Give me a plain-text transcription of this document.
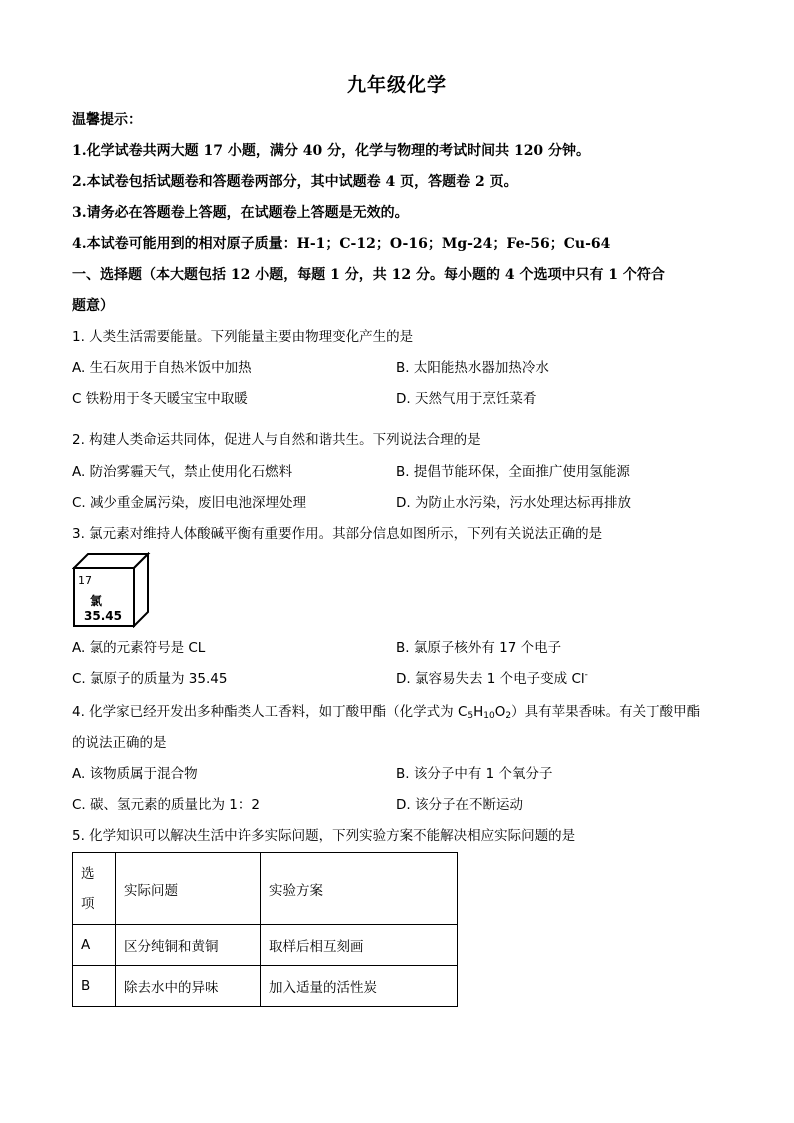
九年级化学
温馨提示：
1.化学试卷共两大题 17 小题，满分 40 分，化学与物理的考试时间共 120 分钟。
2.本试卷包括试题卷和答题卷两部分，其中试题卷 4 页，答题卷 2 页。
3.请务必在答题卷上答题，在试题卷上答题是无效的。
4.本试卷可能用到的相对原子质量：H-1；C-12；O-16；Mg-24；Fe-56；Cu-64
一、选择题（本大题包括 12 小题，每题 1 分，共 12 分。每小题的 4 个选项中只有 1 个符合
题意）
1. 人类生活需要能量。下列能量主要由物理变化产生的是
A. 生石灰用于自热米饭中加热	B. 太阳能热水器加热冷水
C 铁粉用于冬天暖宝宝中取暖	D. 天然气用于烹饪菜肴
2. 构建人类命运共同体，促进人与自然和谐共生。下列说法合理的是
A. 防治雾霾天气，禁止使用化石燃料	B. 提倡节能环保，全面推广使用氢能源
C. 减少重金属污染，废旧电池深埋处理	D. 为防止水污染，污水处理达标再排放
3. 氯元素对维持人体酸碱平衡有重要作用。其部分信息如图所示，下列有关说法正确的是
17
氯
35.45
A. 氯的元素符号是 CL	B. 氯原子核外有 17 个电子
C. 氯原子的质量为 35.45	D. 氯容易失去 1 个电子变成 Cl-
4. 化学家已经开发出多种酯类人工香料，如丁酸甲酯（化学式为 $C_5H_{10}O_2$）具有苹果香味。有关丁酸甲酯
的说法正确的是
A. 该物质属于混合物	B. 该分子中有 1 个氧分子
C. 碳、氢元素的质量比为 1：2	D. 该分子在不断运动
5. 化学知识可以解决生活中许多实际问题，下列实验方案不能解决相应实际问题的是
选
项	实际问题	实验方案
A	区分纯铜和黄铜	取样后相互刻画
B	除去水中的异味	加入适量的活性炭
